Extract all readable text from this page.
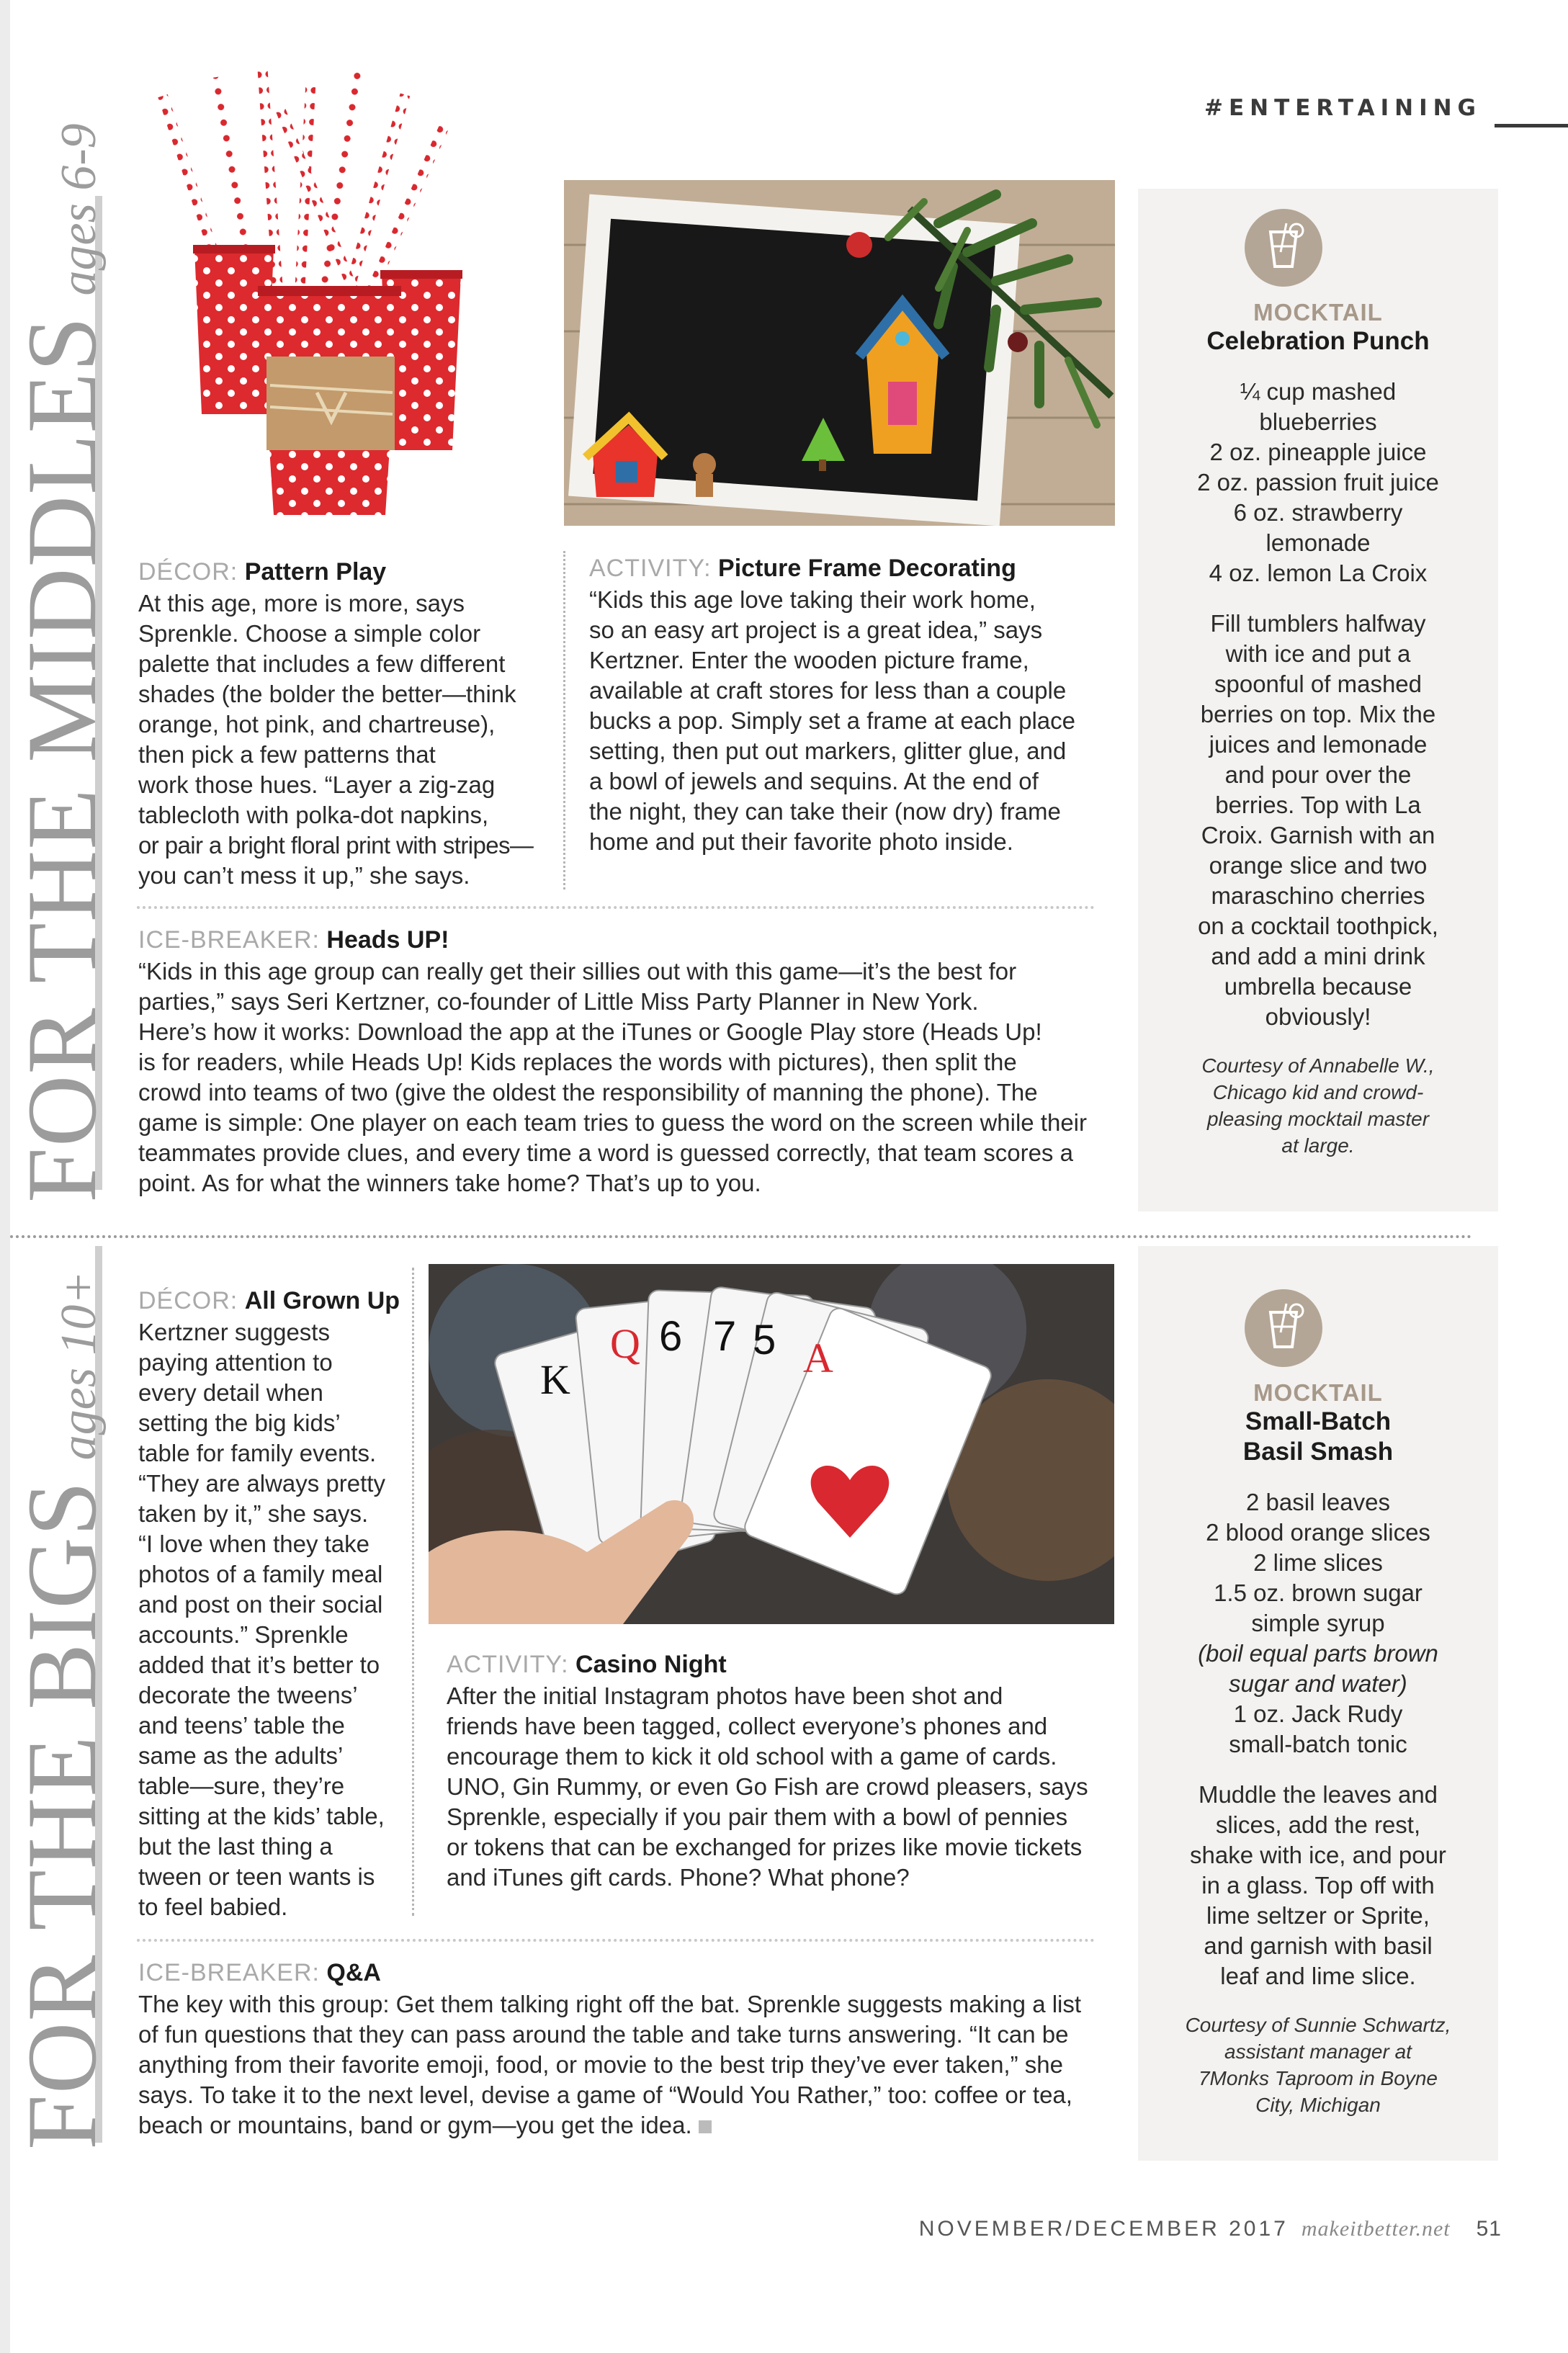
#ENTERTAINING
FOR THE MIDDLESages 6-9
FOR THE BIGSages 10+	K
Q 6 7 5 A
DÉCOR: Pattern Play
At this age, more is more, says
Sprenkle. Choose a simple color
palette that includes a few different
shades (the bolder the better—think
orange, hot pink, and chartreuse),
then pick a few patterns that
work those hues. “Layer a zig-zag
tablecloth with polka-dot napkins,
or pair a bright floral print with stripes—
you can’t mess it up,” she says.
ACTIVITY: Picture Frame Decorating
“Kids this age love taking their work home,
so an easy art project is a great idea,” says
Kertzner. Enter the wooden picture frame,
available at craft stores for less than a couple
bucks a pop. Simply set a frame at each place
setting, then put out markers, glitter glue, and
a bowl of jewels and sequins. At the end of
the night, they can take their (now dry) frame
home and put their favorite photo inside.
ICE-BREAKER: Heads UP!
“Kids in this age group can really get their sillies out with this game—it’s the best for
parties,” says Seri Kertzner, co-founder of Little Miss Party Planner in New York.
Here’s how it works: Download the app at the iTunes or Google Play store (Heads Up!
is for readers, while Heads Up! Kids replaces the words with pictures), then split the
crowd into teams of two (give the oldest the responsibility of manning the phone). The
game is simple: One player on each team tries to guess the word on the screen while their
teammates provide clues, and every time a word is guessed correctly, that team scores a
point. As for what the winners take home? That’s up to you.
MOCKTAIL
Celebration Punch
¼ cup mashed
blueberries
2 oz. pineapple juice
2 oz. passion fruit juice
6 oz. strawberry
lemonade
4 oz. lemon La Croix
Fill tumblers halfway
with ice and put a
spoonful of mashed
berries on top. Mix the
juices and lemonade
and pour over the
berries. Top with La
Croix. Garnish with an
orange slice and two
maraschino cherries
on a cocktail toothpick,
and add a mini drink
umbrella because
obviously!
Courtesy of Annabelle W.,
Chicago kid and crowd-
pleasing mocktail master
at large.
DÉCOR: All Grown Up
Kertzner suggests
paying attention to
every detail when
setting the big kids’
table for family events.
“They are always pretty
taken by it,” she says.
“I love when they take
photos of a family meal
and post on their social
accounts.” Sprenkle
added that it’s better to
decorate the tweens’
and teens’ table the
same as the adults’
table—sure, they’re
sitting at the kids’ table,
but the last thing a
tween or teen wants is
to feel babied.
ACTIVITY: Casino Night
After the initial Instagram photos have been shot and
friends have been tagged, collect everyone’s phones and
encourage them to kick it old school with a game of cards.
UNO, Gin Rummy, or even Go Fish are crowd pleasers, says
Sprenkle, especially if you pair them with a bowl of pennies
or tokens that can be exchanged for prizes like movie tickets
and iTunes gift cards. Phone? What phone?
ICE-BREAKER: Q&A
The key with this group: Get them talking right off the bat. Sprenkle suggests making a list
of fun questions that they can pass around the table and take turns answering. “It can be
anything from their favorite emoji, food, or movie to the best trip they’ve ever taken,” she
says. To take it to the next level, devise a game of “Would You Rather,” too: coffee or tea,
beach or mountains, band or gym—you get the idea.
MOCKTAIL
Small-Batch
Basil Smash
2 basil leaves
2 blood orange slices
2 lime slices
1.5 oz. brown sugar
simple syrup
(boil equal parts brown
sugar and water)
1 oz. Jack Rudy
small-batch tonic
Muddle the leaves and
slices, add the rest,
shake with ice, and pour
in a glass. Top off with
lime seltzer or Sprite,
and garnish with basil
leaf and lime slice.
Courtesy of Sunnie Schwartz,
assistant manager at
7Monks Taproom in Boyne
City, Michigan
NOVEMBER/DECEMBER 2017 makeitbetter.net 51
